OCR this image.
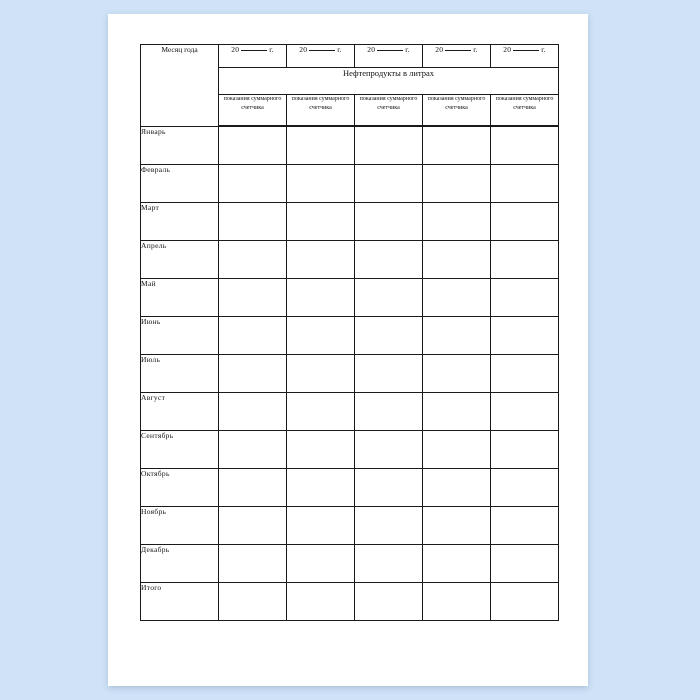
Месяц года	20 г.	20 г.	20 г.	20 г.	20 г.
	Нефтепродукты в литрах				
	показания суммарного счетчика	показания суммарного счетчика	показания суммарного счетчика	показания суммарного счетчика	показания суммарного счетчика
Январь					
Февраль					
Март					
Апрель					
Май					
Июнь					
Июль					
Август					
Сентябрь					
Октябрь					
Ноябрь					
Декабрь					
Итого					
